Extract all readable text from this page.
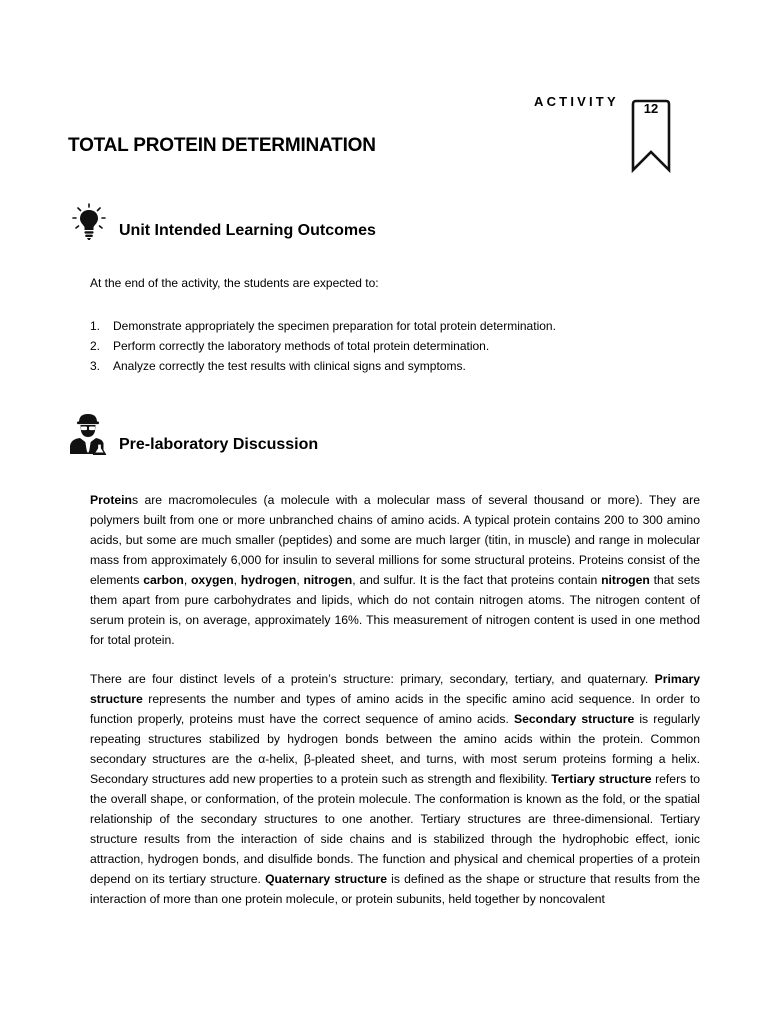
ACTIVITY	12
TOTAL PROTEIN DETERMINATION
Unit Intended Learning Outcomes
At the end of the activity, the students are expected to:
1.	Demonstrate appropriately the specimen preparation for total protein determination.
2.	Perform correctly the laboratory methods of total protein determination.
3.	Analyze correctly the test results with clinical signs and symptoms.
Pre-laboratory Discussion

Proteins are macromolecules (a molecule with a molecular mass of several thousand or more). They are polymers built from one or more unbranched chains of amino acids. A typical protein contains 200 to 300 amino acids, but some are much smaller (peptides) and some are much larger (titin, in muscle) and range in molecular mass from approximately 6,000 for insulin to several millions for some structural proteins. Proteins consist of the elements carbon, oxygen, hydrogen, nitrogen, and sulfur. It is the fact that proteins contain nitrogen that sets them apart from pure carbohydrates and lipids, which do not contain nitrogen atoms. The nitrogen content of serum protein is, on average, approximately 16%. This measurement of nitrogen content is used in one method for total protein.

There are four distinct levels of a protein’s structure: primary, secondary, tertiary, and quaternary. Primary structure represents the number and types of amino acids in the specific amino acid sequence. In order to function properly, proteins must have the correct sequence of amino acids. Secondary structure is regularly repeating structures stabilized by hydrogen bonds between the amino acids within the protein. Common secondary structures are the α-helix, β-pleated sheet, and turns, with most serum proteins forming a helix. Secondary structures add new properties to a protein such as strength and flexibility. Tertiary structure refers to the overall shape, or conformation, of the protein molecule. The conformation is known as the fold, or the spatial relationship of the secondary structures to one another. Tertiary structures are three-dimensional. Tertiary structure results from the interaction of side chains and is stabilized through the hydrophobic effect, ionic attraction, hydrogen bonds, and disulfide bonds. The function and physical and chemical properties of a protein depend on its tertiary structure. Quaternary structure is defined as the shape or structure that results from the interaction of more than one protein molecule, or protein subunits, held together by noncovalent
